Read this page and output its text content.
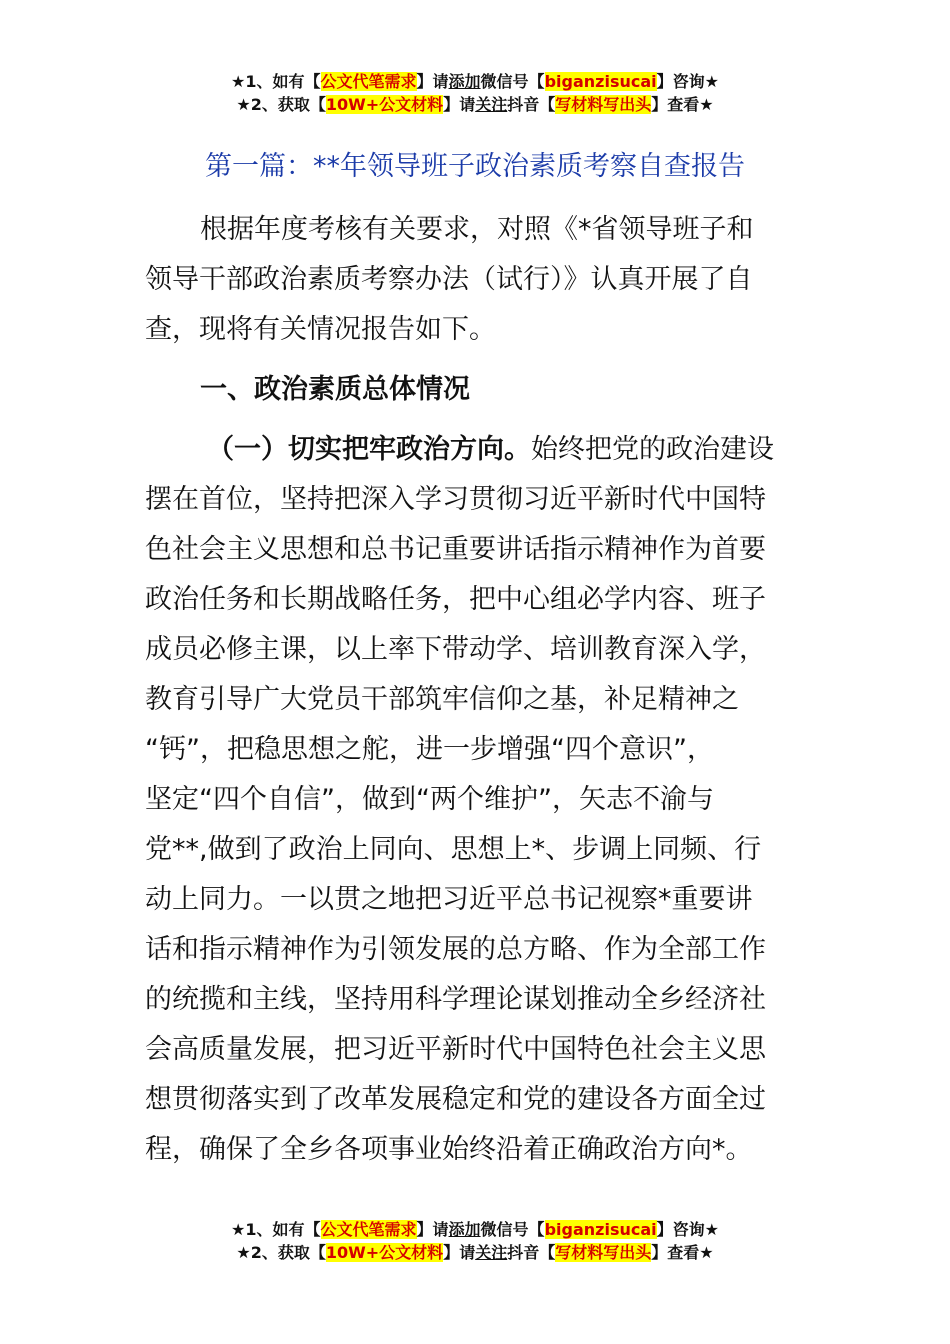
★1、如有【公文代笔需求】请添加微信号【biganzisucai】咨询★
★2、获取【10W+公文材料】请关注抖音【写材料写出头】查看★
第一篇：**年领导班子政治素质考察自查报告
根据年度考核有关要求，对照《*省领导班子和
领导干部政治素质考察办法（试行）》认真开展了自
查，现将有关情况报告如下。
一、政治素质总体情况
（一）切实把牢政治方向。始终把党的政治建设
摆在首位，坚持把深入学习贯彻习近平新时代中国特
色社会主义思想和总书记重要讲话指示精神作为首要
政治任务和长期战略任务，把中心组必学内容、班子
成员必修主课，以上率下带动学、培训教育深入学，
教育引导广大党员干部筑牢信仰之基，补足精神之
“钙”，把稳思想之舵，进一步增强“四个意识”，
坚定“四个自信”，做到“两个维护”，矢志不渝与
党**,做到了政治上同向、思想上*、步调上同频、行
动上同力。一以贯之地把习近平总书记视察*重要讲
话和指示精神作为引领发展的总方略、作为全部工作
的统揽和主线，坚持用科学理论谋划推动全乡经济社
会高质量发展，把习近平新时代中国特色社会主义思
想贯彻落实到了改革发展稳定和党的建设各方面全过
程，确保了全乡各项事业始终沿着正确政治方向*。
★1、如有【公文代笔需求】请添加微信号【biganzisucai】咨询★
★2、获取【10W+公文材料】请关注抖音【写材料写出头】查看★
